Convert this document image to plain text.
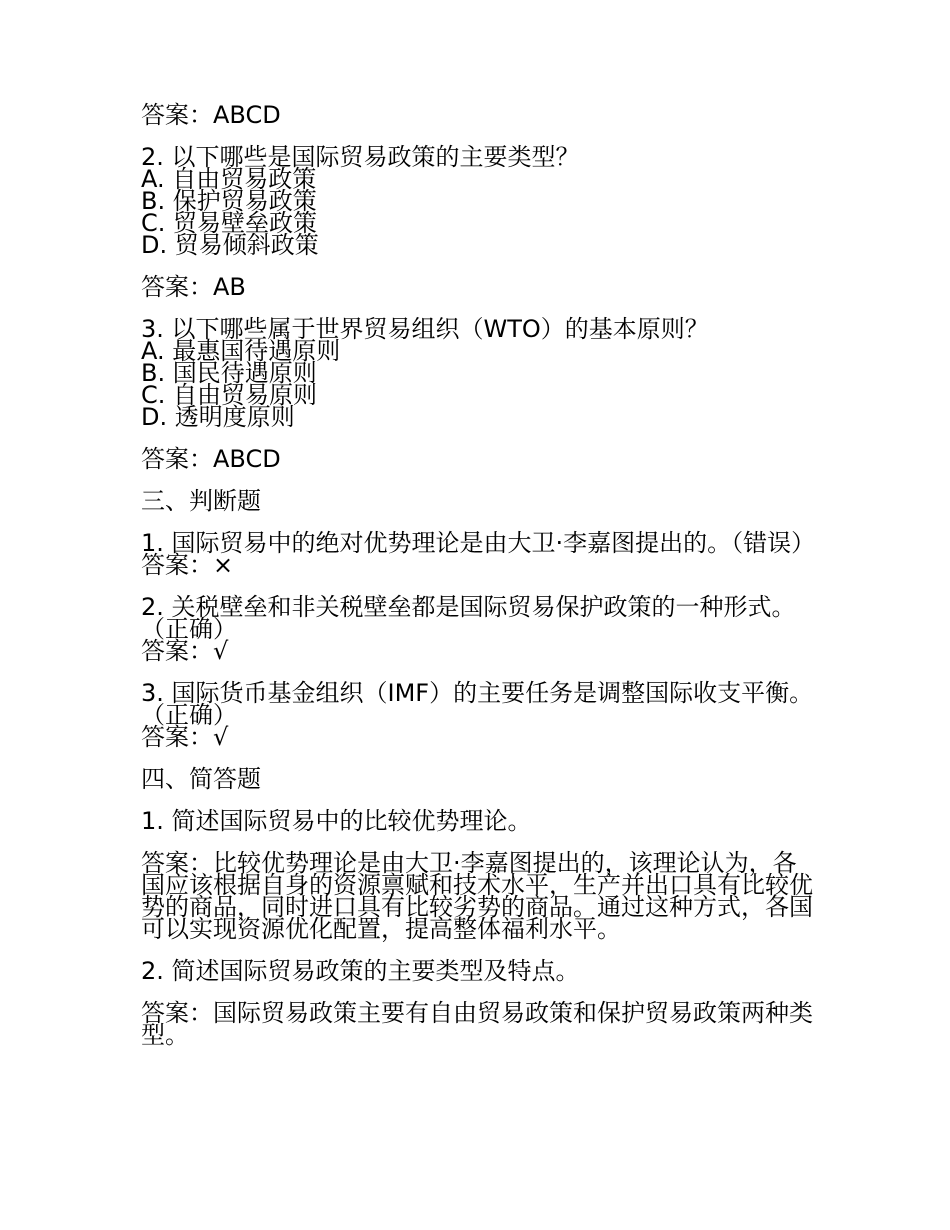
答案：ABCD
2. 以下哪些是国际贸易政策的主要类型？
A. 自由贸易政策
B. 保护贸易政策
C. 贸易壁垒政策
D. 贸易倾斜政策
答案：AB
3. 以下哪些属于世界贸易组织（WTO）的基本原则？
A. 最惠国待遇原则
B. 国民待遇原则
C. 自由贸易原则
D. 透明度原则
答案：ABCD
三、判断题
1. 国际贸易中的绝对优势理论是由大卫·李嘉图提出的。（错误）
答案：×
2. 关税壁垒和非关税壁垒都是国际贸易保护政策的一种形式。（正确）
答案：√
3. 国际货币基金组织（IMF）的主要任务是调整国际收支平衡。（正确）
答案：√
四、简答题
1. 简述国际贸易中的比较优势理论。
答案：比较优势理论是由大卫·李嘉图提出的，该理论认为，各国应该根据自身的资源禀赋和技术水平，生产并出口具有比较优势的商品，同时进口具有比较劣势的商品。通过这种方式，各国可以实现资源优化配置，提高整体福利水平。
2. 简述国际贸易政策的主要类型及特点。
答案：国际贸易政策主要有自由贸易政策和保护贸易政策两种类型。
